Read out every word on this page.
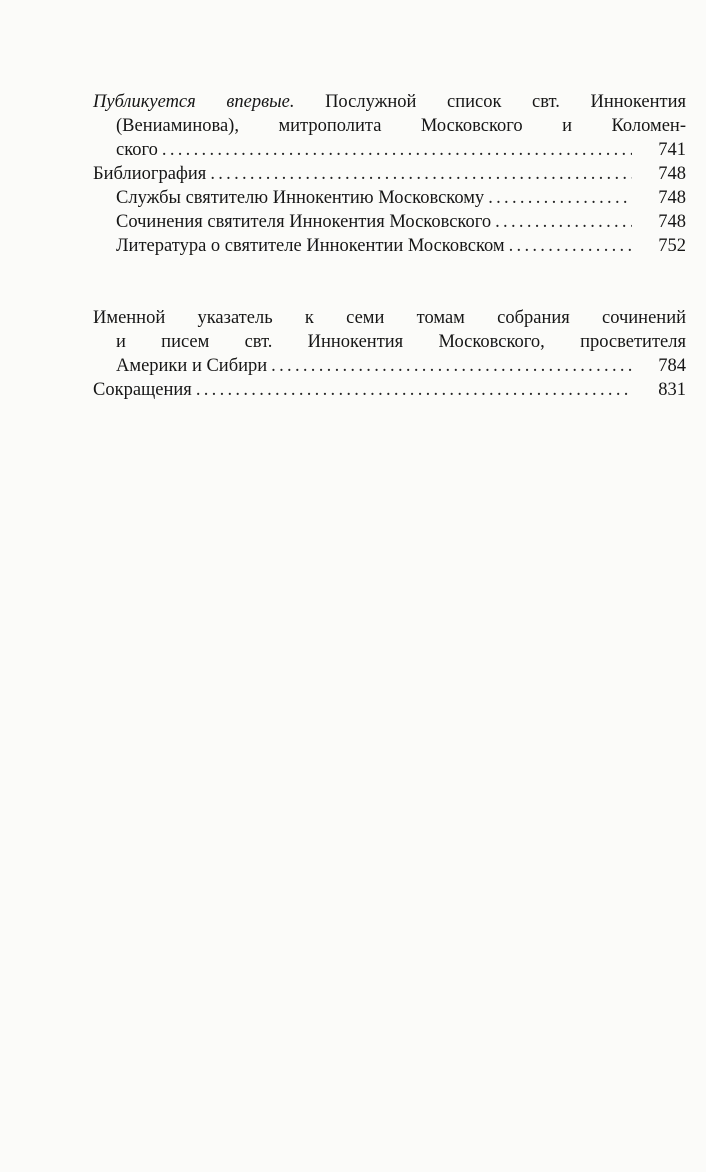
Публикуется впервые. Послужной список свт. Иннокентия
(Вениаминова), митрополита Московского и Коломен-
ского .....	741
Библиография .....	748
Службы святителю Иннокентию Московскому .....	748
Сочинения святителя Иннокентия Московского .....	748
Литература о святителе Иннокентии Московском .....	752
Именной указатель к семи томам собрания сочинений
и писем свт. Иннокентия Московского, просветителя
Америки и Сибири .....	784
Сокращения .....	831
